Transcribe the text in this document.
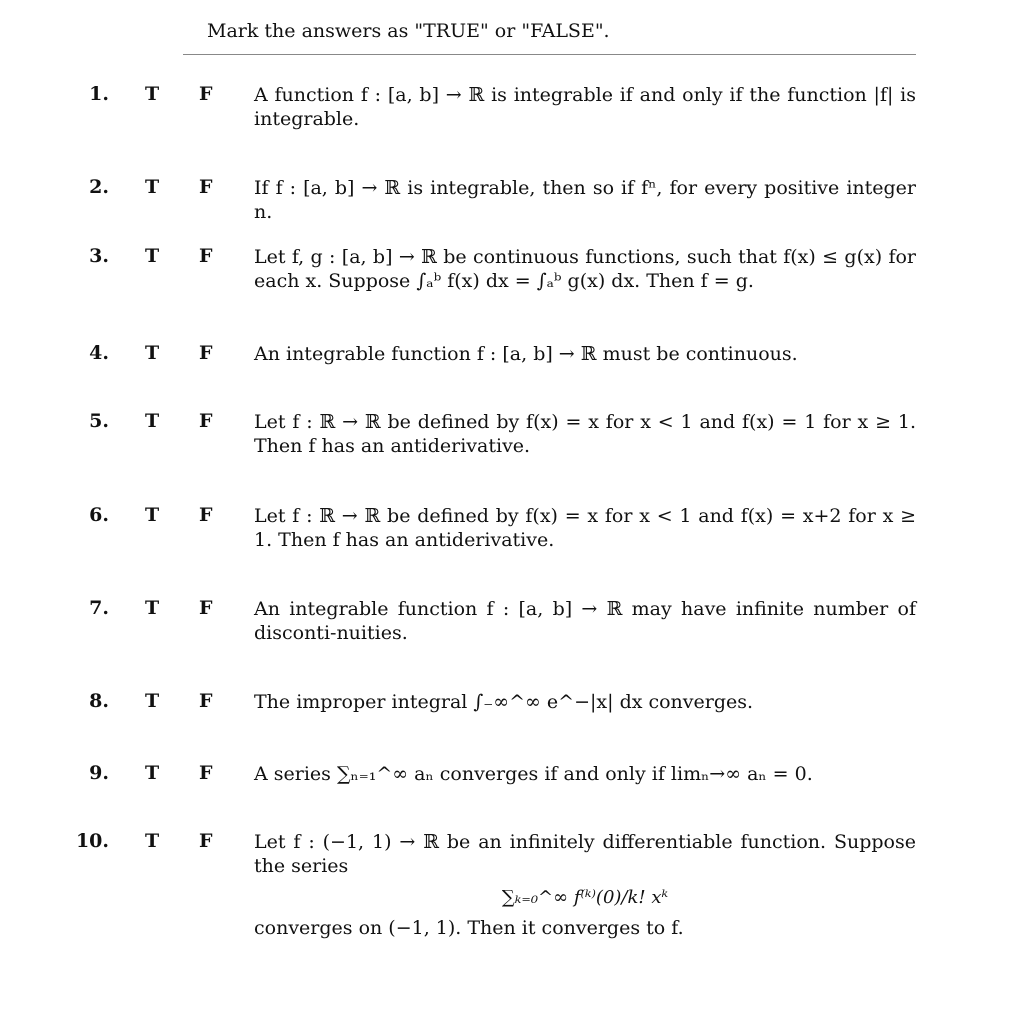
Mark the answers as "TRUE" or "FALSE".
1. T F A function f : [a, b] → ℝ is integrable if and only if the function |f| is integrable.
2. T F If f : [a, b] → ℝ is integrable, then so if fⁿ, for every positive integer n.
3. T F Let f, g : [a, b] → ℝ be continuous functions, such that f(x) ≤ g(x) for each x. Suppose ∫ₐᵇ f(x) dx = ∫ₐᵇ g(x) dx. Then f = g.
4. T F An integrable function f : [a, b] → ℝ must be continuous.
5. T F Let f : ℝ → ℝ be defined by f(x) = x for x < 1 and f(x) = 1 for x ≥ 1. Then f has an antiderivative.
6. T F Let f : ℝ → ℝ be defined by f(x) = x for x < 1 and f(x) = x+2 for x ≥ 1. Then f has an antiderivative.
7. T F An integrable function f : [a, b] → ℝ may have infinite number of disconti-nuities.
8. T F The improper integral ∫₋∞^∞ e^−|x| dx converges.
9. T F A series ∑ₙ₌₁^∞ aₙ converges if and only if limₙ→∞ aₙ = 0.
10. T F Let f : (−1, 1) → ℝ be an infinitely differentiable function. Suppose the series
∑ₖ₌₀^∞ f⁽ᵏ⁾(0)/k! xᵏ
converges on (−1, 1). Then it converges to f.
